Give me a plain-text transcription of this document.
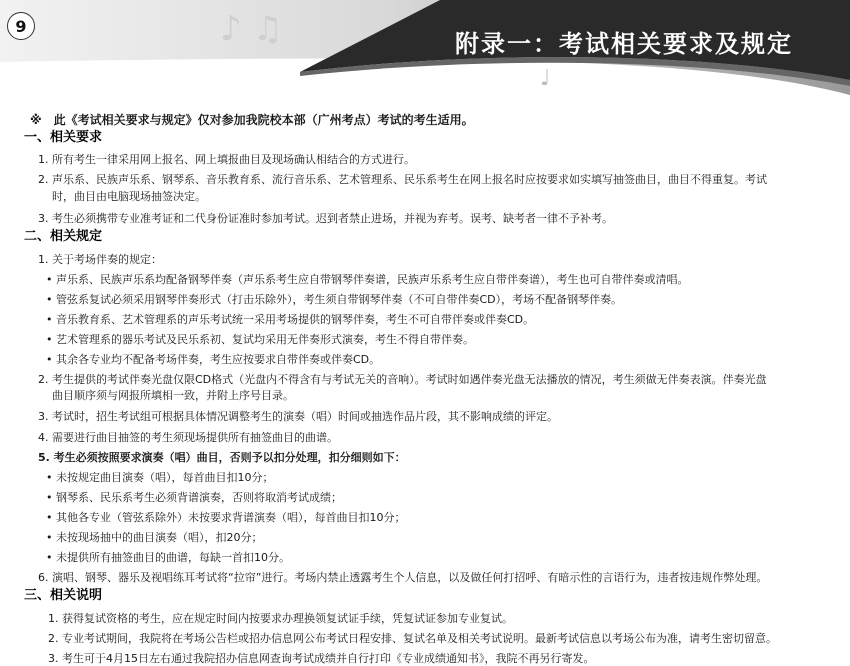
♪ ♫
♩
9
附录一：考试相关要求及规定
※　此《考试相关要求与规定》仅对参加我院校本部（广州考点）考试的考生适用。
一、相关要求
1. 所有考生一律采用网上报名、网上填报曲目及现场确认相结合的方式进行。
2. 声乐系、民族声乐系、钢琴系、音乐教育系、流行音乐系、艺术管理系、民乐系考生在网上报名时应按要求如实填写抽签曲目，曲目不得重复。考试
时，曲目由电脑现场抽签决定。
3. 考生必须携带专业准考证和二代身份证准时参加考试。迟到者禁止进场，并视为弃考。误考、缺考者一律不予补考。
二、相关规定
1. 关于考场伴奏的规定：
• 声乐系、民族声乐系均配备钢琴伴奏（声乐系考生应自带钢琴伴奏谱，民族声乐系考生应自带伴奏谱），考生也可自带伴奏或清唱。
• 管弦系复试必须采用钢琴伴奏形式（打击乐除外），考生须自带钢琴伴奏（不可自带伴奏CD），考场不配备钢琴伴奏。
• 音乐教育系、艺术管理系的声乐考试统一采用考场提供的钢琴伴奏，考生不可自带伴奏或伴奏CD。
• 艺术管理系的器乐考试及民乐系初、复试均采用无伴奏形式演奏，考生不得自带伴奏。
• 其余各专业均不配备考场伴奏，考生应按要求自带伴奏或伴奏CD。
2. 考生提供的考试伴奏光盘仅限CD格式（光盘内不得含有与考试无关的音响）。考试时如遇伴奏光盘无法播放的情况，考生须做无伴奏表演。伴奏光盘
曲目顺序须与网报所填相一致，并附上序号目录。
3. 考试时，招生考试组可根据具体情况调整考生的演奏（唱）时间或抽选作品片段，其不影响成绩的评定。
4. 需要进行曲目抽签的考生须现场提供所有抽签曲目的曲谱。
5. 考生必须按照要求演奏（唱）曲目，否则予以扣分处理，扣分细则如下：
• 未按规定曲目演奏（唱），每首曲目扣10分；
• 钢琴系、民乐系考生必须背谱演奏，否则将取消考试成绩；
• 其他各专业（管弦系除外）未按要求背谱演奏（唱），每首曲目扣10分；
• 未按现场抽中的曲目演奏（唱），扣20分；
• 未提供所有抽签曲目的曲谱，每缺一首扣10分。
6. 演唱、钢琴、器乐及视唱练耳考试将“拉帘”进行。考场内禁止透露考生个人信息，以及做任何打招呼、有暗示性的言语行为，违者按违规作弊处理。
三、相关说明
1. 获得复试资格的考生，应在规定时间内按要求办理换领复试证手续，凭复试证参加专业复试。
2. 专业考试期间，我院将在考场公告栏或招办信息网公布考试日程安排、复试名单及相关考试说明。最新考试信息以考场公布为准，请考生密切留意。
3. 考生可于4月15日左右通过我院招办信息网查询考试成绩并自行打印《专业成绩通知书》，我院不再另行寄发。
